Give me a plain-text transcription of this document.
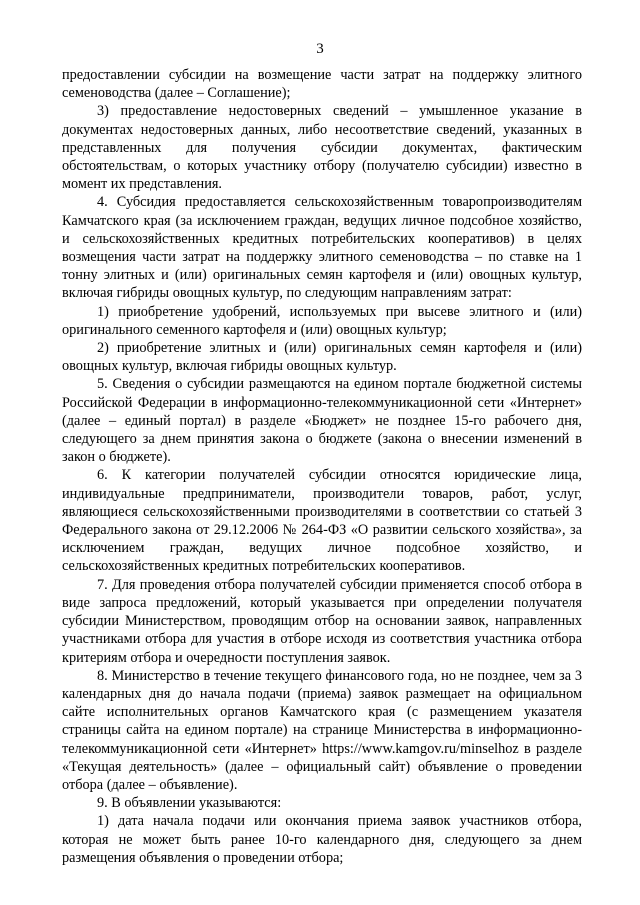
3

предоставлении субсидии на возмещение части затрат на поддержку элитного семеноводства (далее – Соглашение);

3) предоставление недостоверных сведений – умышленное указание в документах недостоверных данных, либо несоответствие сведений, указанных в представленных для получения субсидии документах, фактическим обстоятельствам, о которых участнику отбору (получателю субсидии) известно в момент их представления.

4. Субсидия предоставляется сельскохозяйственным товаропроизводителям Камчатского края (за исключением граждан, ведущих личное подсобное хозяйство, и сельскохозяйственных кредитных потребительских кооперативов) в целях возмещения части затрат на поддержку элитного семеноводства – по ставке на 1 тонну элитных и (или) оригинальных семян картофеля и (или) овощных культур, включая гибриды овощных культур, по следующим направлениям затрат:

1) приобретение удобрений, используемых при высеве элитного и (или) оригинального семенного картофеля и (или) овощных культур;

2) приобретение элитных и (или) оригинальных семян картофеля и (или) овощных культур, включая гибриды овощных культур.

5. Сведения о субсидии размещаются на едином портале бюджетной системы Российской Федерации в информационно-телекоммуникационной сети «Интернет» (далее – единый портал) в разделе «Бюджет» не позднее 15-го рабочего дня, следующего за днем принятия закона о бюджете (закона о внесении изменений в закон о бюджете).

6. К категории получателей субсидии относятся юридические лица, индивидуальные предприниматели, производители товаров, работ, услуг, являющиеся сельскохозяйственными производителями в соответствии со статьей 3 Федерального закона от 29.12.2006 № 264-ФЗ «О развитии сельского хозяйства», за исключением граждан, ведущих личное подсобное хозяйство, и сельскохозяйственных кредитных потребительских кооперативов.

7. Для проведения отбора получателей субсидии применяется способ отбора в виде запроса предложений, который указывается при определении получателя субсидии Министерством, проводящим отбор на основании заявок, направленных участниками отбора для участия в отборе исходя из соответствия участника отбора критериям отбора и очередности поступления заявок.

8. Министерство в течение текущего финансового года, но не позднее, чем за 3 календарных дня до начала подачи (приема) заявок размещает на официальном сайте исполнительных органов Камчатского края (с размещением указателя страницы сайта на едином портале) на странице Министерства в информационно-телекоммуникационной сети «Интернет» https://www.kamgov.ru/minselhoz в разделе «Текущая деятельность» (далее – официальный сайт) объявление о проведении отбора (далее – объявление).

9. В объявлении указываются:

1) дата начала подачи или окончания приема заявок участников отбора, которая не может быть ранее 10-го календарного дня, следующего за днем размещения объявления о проведении отбора;
